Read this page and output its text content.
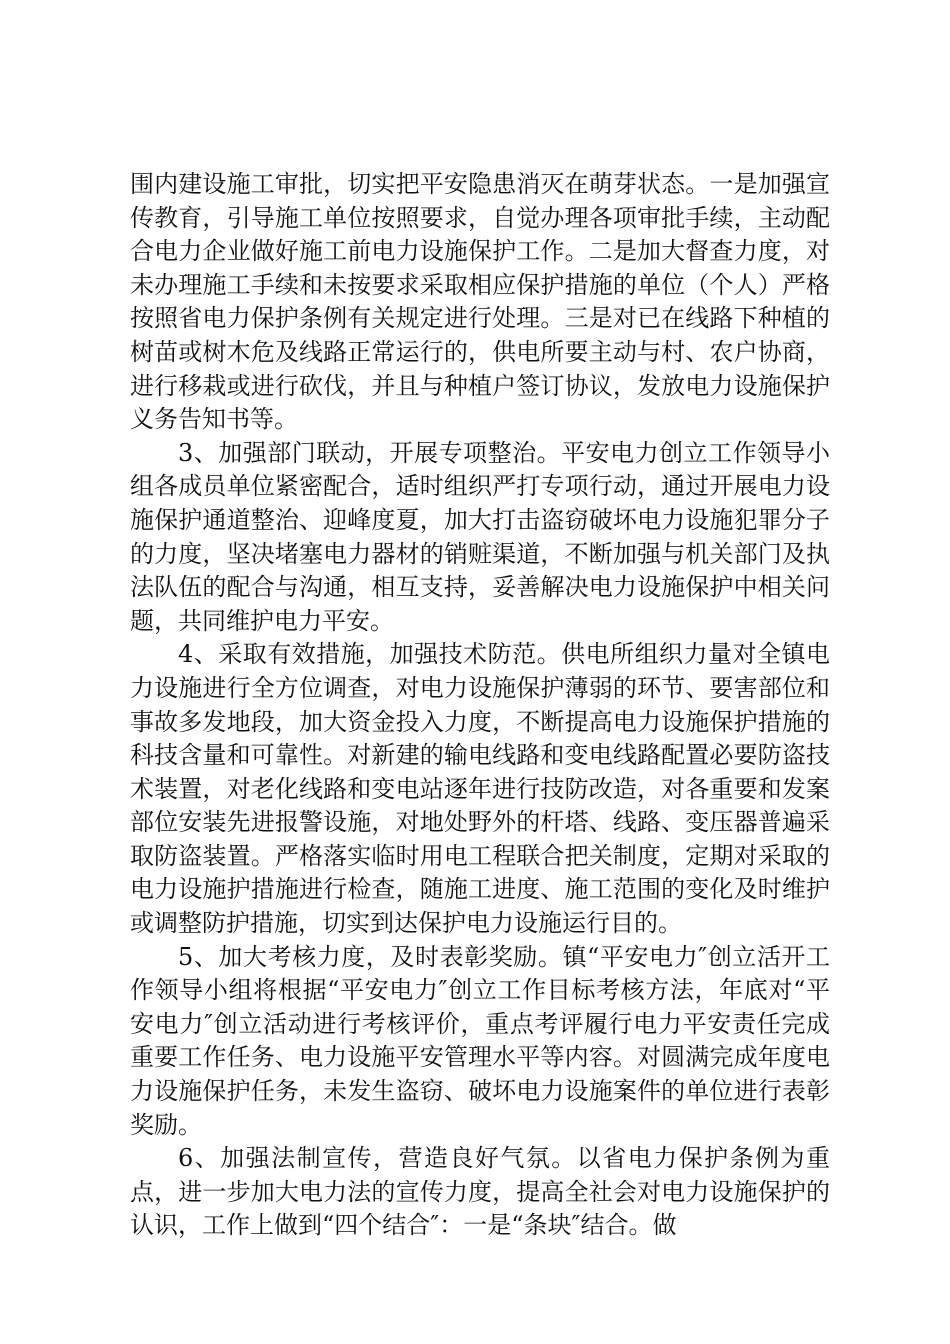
围内建设施工审批，切实把平安隐患消灭在萌芽状态。一是加强宣传教育，引导施工单位按照要求，自觉办理各项审批手续，主动配合电力企业做好施工前电力设施保护工作。二是加大督查力度，对未办理施工手续和未按要求采取相应保护措施的单位（个人）严格按照省电力保护条例有关规定进行处理。三是对已在线路下种植的树苗或树木危及线路正常运行的，供电所要主动与村、农户协商，进行移栽或进行砍伐，并且与种植户签订协议，发放电力设施保护义务告知书等。

3、加强部门联动，开展专项整治。平安电力创立工作领导小组各成员单位紧密配合，适时组织严打专项行动，通过开展电力设施保护通道整治、迎峰度夏，加大打击盗窃破坏电力设施犯罪分子的力度，坚决堵塞电力器材的销赃渠道，不断加强与机关部门及执法队伍的配合与沟通，相互支持，妥善解决电力设施保护中相关问题，共同维护电力平安。

4、采取有效措施，加强技术防范。供电所组织力量对全镇电力设施进行全方位调查，对电力设施保护薄弱的环节、要害部位和事故多发地段，加大资金投入力度，不断提高电力设施保护措施的科技含量和可靠性。对新建的输电线路和变电线路配置必要防盗技术装置，对老化线路和变电站逐年进行技防改造，对各重要和发案部位安装先进报警设施，对地处野外的杆塔、线路、变压器普遍采取防盗装置。严格落实临时用电工程联合把关制度，定期对采取的电力设施护措施进行检查，随施工进度、施工范围的变化及时维护或调整防护措施，切实到达保护电力设施运行目的。

5、加大考核力度，及时表彰奖励。镇“平安电力″创立活开工作领导小组将根据“平安电力″创立工作目标考核方法，年底对“平安电力″创立活动进行考核评价，重点考评履行电力平安责任完成重要工作任务、电力设施平安管理水平等内容。对圆满完成年度电力设施保护任务，未发生盗窃、破坏电力设施案件的单位进行表彰奖励。

6、加强法制宣传，营造良好气氛。以省电力保护条例为重点，进一步加大电力法的宣传力度，提高全社会对电力设施保护的认识，工作上做到“四个结合″：一是“条块″结合。做
